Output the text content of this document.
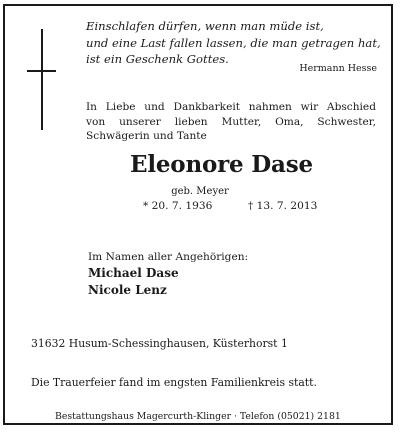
Einschlafen dürfen, wenn man müde ist,
und eine Last fallen lassen, die man getragen hat,
ist ein Geschenk Gottes.
Hermann Hesse
In Liebe und Dankbarkeit nahmen wir Abschied
von unserer lieben Mutter, Oma, Schwester,
Schwägerin und Tante
Eleonore Dase
geb. Meyer
* 20. 7. 1936	† 13. 7. 2013
Im Namen aller Angehörigen:
Michael Dase
Nicole Lenz
31632 Husum-Schessinghausen, Küsterhorst 1
Die Trauerfeier fand im engsten Familienkreis statt.
Bestattungshaus Magercurth-Klinger · Telefon (05021) 2181
